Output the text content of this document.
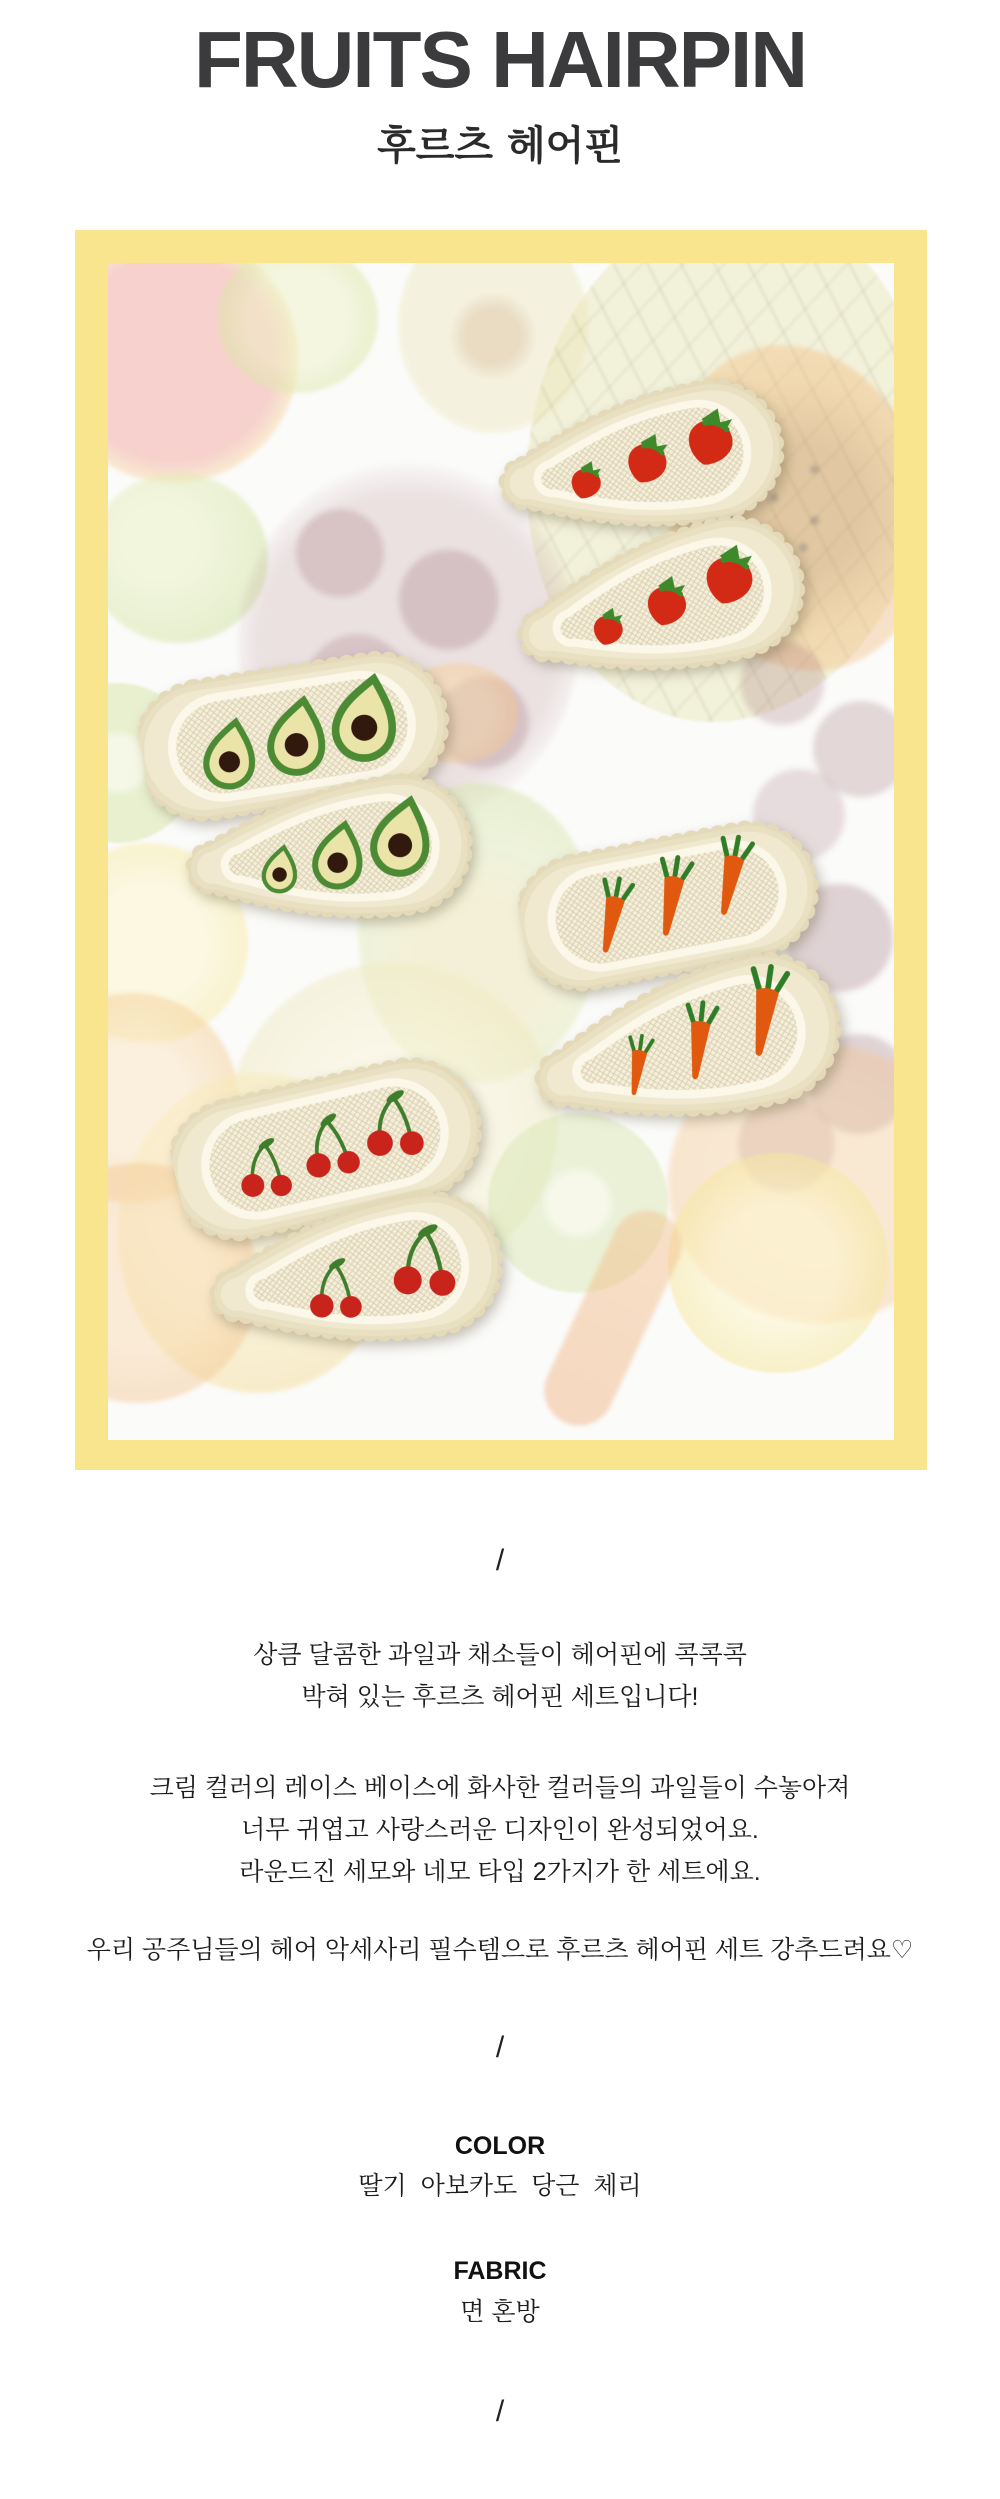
FRUITS HAIRPIN
후르츠 헤어핀
/
상큼 달콤한 과일과 채소들이 헤어핀에 콕콕콕
박혀 있는 후르츠 헤어핀 세트입니다!
크림 컬러의 레이스 베이스에 화사한 컬러들의 과일들이 수놓아져
너무 귀엽고 사랑스러운 디자인이 완성되었어요.
라운드진 세모와 네모 타입 2가지가 한 세트에요.
우리 공주님들의 헤어 악세사리 필수템으로 후르츠 헤어핀 세트 강추드려요♡
/
COLOR
딸기  아보카도  당근  체리
FABRIC
면 혼방
/
